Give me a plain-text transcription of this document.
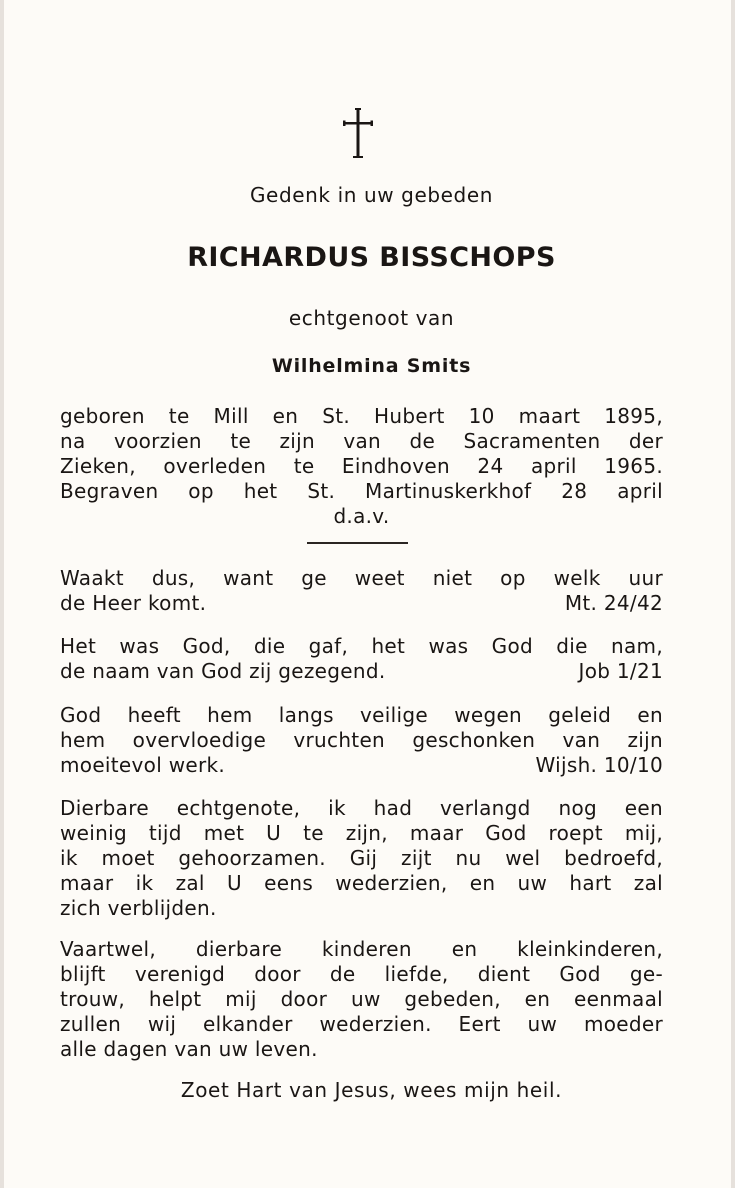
Gedenk in uw gebeden
RICHARDUS BISSCHOPS
echtgenoot van
Wilhelmina Smits
geboren te Mill en St. Hubert 10 maart 1895,
na voorzien te zijn van de Sacramenten der
Zieken, overleden te Eindhoven 24 april 1965.
Begraven op het St. Martinuskerkhof 28 april
d.a.v.
Waakt dus, want ge weet niet op welk uur
de Heer komt.	Mt. 24/42
Het was God, die gaf, het was God die nam,
de naam van God zij gezegend.	Job 1/21
God heeft hem langs veilige wegen geleid en
hem overvloedige vruchten geschonken van zijn
moeitevol werk.	Wijsh. 10/10
Dierbare echtgenote, ik had verlangd nog een
weinig tijd met U te zijn, maar God roept mij,
ik moet gehoorzamen. Gij zijt nu wel bedroefd,
maar ik zal U eens wederzien, en uw hart zal
zich verblijden.
Vaartwel, dierbare kinderen en kleinkinderen,
blijft verenigd door de liefde, dient God ge-
trouw, helpt mij door uw gebeden, en eenmaal
zullen wij elkander wederzien. Eert uw moeder
alle dagen van uw leven.
Zoet Hart van Jesus, wees mijn heil.
